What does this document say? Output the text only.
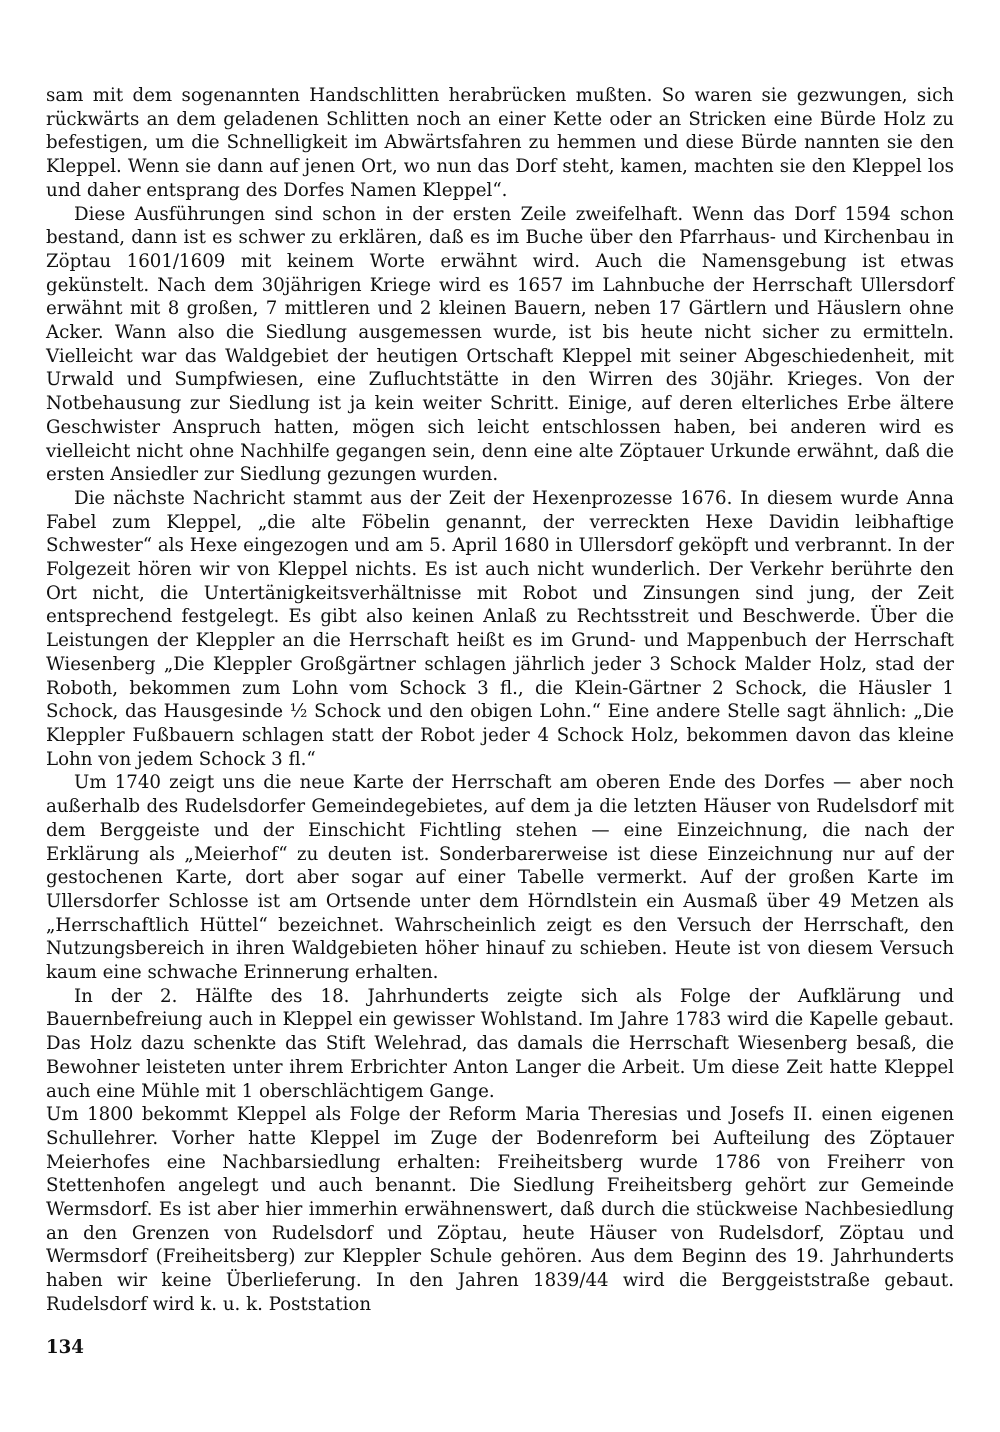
sam mit dem sogenannten Handschlitten herabrücken mußten. So waren sie gezwungen, sich rückwärts an dem geladenen Schlitten noch an einer Kette oder an Stricken eine Bürde Holz zu befestigen, um die Schnelligkeit im Abwärtsfahren zu hemmen und diese Bürde nannten sie den Kleppel. Wenn sie dann auf jenen Ort, wo nun das Dorf steht, kamen, machten sie den Kleppel los und daher entsprang des Dorfes Namen Kleppel“.

Diese Ausführungen sind schon in der ersten Zeile zweifelhaft. Wenn das Dorf 1594 schon bestand, dann ist es schwer zu erklären, daß es im Buche über den Pfarrhaus- und Kirchenbau in Zöptau 1601/1609 mit keinem Worte erwähnt wird. Auch die Namensgebung ist etwas gekünstelt. Nach dem 30jährigen Kriege wird es 1657 im Lahnbuche der Herrschaft Ullersdorf erwähnt mit 8 großen, 7 mittleren und 2 kleinen Bauern, neben 17 Gärtlern und Häuslern ohne Acker. Wann also die Siedlung ausgemessen wurde, ist bis heute nicht sicher zu ermitteln. Vielleicht war das Waldgebiet der heutigen Ortschaft Kleppel mit seiner Abgeschiedenheit, mit Urwald und Sumpfwiesen, eine Zufluchtstätte in den Wirren des 30jähr. Krieges. Von der Notbehausung zur Siedlung ist ja kein weiter Schritt. Einige, auf deren elterliches Erbe ältere Geschwister Anspruch hatten, mögen sich leicht entschlossen haben, bei anderen wird es vielleicht nicht ohne Nachhilfe gegangen sein, denn eine alte Zöptauer Urkunde erwähnt, daß die ersten Ansiedler zur Siedlung gezungen wurden.

Die nächste Nachricht stammt aus der Zeit der Hexenprozesse 1676. In diesem wurde Anna Fabel zum Kleppel, „die alte Föbelin genannt, der verreckten Hexe Davidin leibhaftige Schwester“ als Hexe eingezogen und am 5. April 1680 in Ullersdorf geköpft und verbrannt. In der Folgezeit hören wir von Kleppel nichts. Es ist auch nicht wunderlich. Der Verkehr berührte den Ort nicht, die Untertänigkeitsverhältnisse mit Robot und Zinsungen sind jung, der Zeit entsprechend festgelegt. Es gibt also keinen Anlaß zu Rechtsstreit und Beschwerde. Über die Leistungen der Kleppler an die Herrschaft heißt es im Grund- und Mappenbuch der Herrschaft Wiesenberg „Die Kleppler Großgärtner schlagen jährlich jeder 3 Schock Malder Holz, stad der Roboth, bekommen zum Lohn vom Schock 3 fl., die Klein-Gärtner 2 Schock, die Häusler 1 Schock, das Hausgesinde ½ Schock und den obigen Lohn.“ Eine andere Stelle sagt ähnlich: „Die Kleppler Fußbauern schlagen statt der Robot jeder 4 Schock Holz, bekommen davon das kleine Lohn von jedem Schock 3 fl.“

Um 1740 zeigt uns die neue Karte der Herrschaft am oberen Ende des Dorfes — aber noch außerhalb des Rudelsdorfer Gemeindegebietes, auf dem ja die letzten Häuser von Rudelsdorf mit dem Berggeiste und der Einschicht Fichtling stehen — eine Einzeichnung, die nach der Erklärung als „Meierhof“ zu deuten ist. Sonderbarerweise ist diese Einzeichnung nur auf der gestochenen Karte, dort aber sogar auf einer Tabelle vermerkt. Auf der großen Karte im Ullersdorfer Schlosse ist am Ortsende unter dem Hörndlstein ein Ausmaß über 49 Metzen als „Herrschaftlich Hüttel“ bezeichnet. Wahrscheinlich zeigt es den Versuch der Herrschaft, den Nutzungsbereich in ihren Waldgebieten höher hinauf zu schieben. Heute ist von diesem Versuch kaum eine schwache Erinnerung erhalten.

In der 2. Hälfte des 18. Jahrhunderts zeigte sich als Folge der Aufklärung und Bauernbefreiung auch in Kleppel ein gewisser Wohlstand. Im Jahre 1783 wird die Kapelle gebaut. Das Holz dazu schenkte das Stift Welehrad, das damals die Herrschaft Wiesenberg besaß, die Bewohner leisteten unter ihrem Erbrichter Anton Langer die Arbeit. Um diese Zeit hatte Kleppel auch eine Mühle mit 1 oberschlächtigem Gange.

Um 1800 bekommt Kleppel als Folge der Reform Maria Theresias und Josefs II. einen eigenen Schullehrer. Vorher hatte Kleppel im Zuge der Bodenreform bei Aufteilung des Zöptauer Meierhofes eine Nachbarsiedlung erhalten: Freiheitsberg wurde 1786 von Freiherr von Stettenhofen angelegt und auch benannt. Die Siedlung Freiheitsberg gehört zur Gemeinde Wermsdorf. Es ist aber hier immerhin erwähnenswert, daß durch die stückweise Nachbesiedlung an den Grenzen von Rudelsdorf und Zöptau, heute Häuser von Rudelsdorf, Zöptau und Wermsdorf (Freiheitsberg) zur Kleppler Schule gehören. Aus dem Beginn des 19. Jahrhunderts haben wir keine Überlieferung. In den Jahren 1839/44 wird die Berggeiststraße gebaut. Rudelsdorf wird k. u. k. Poststation

134
